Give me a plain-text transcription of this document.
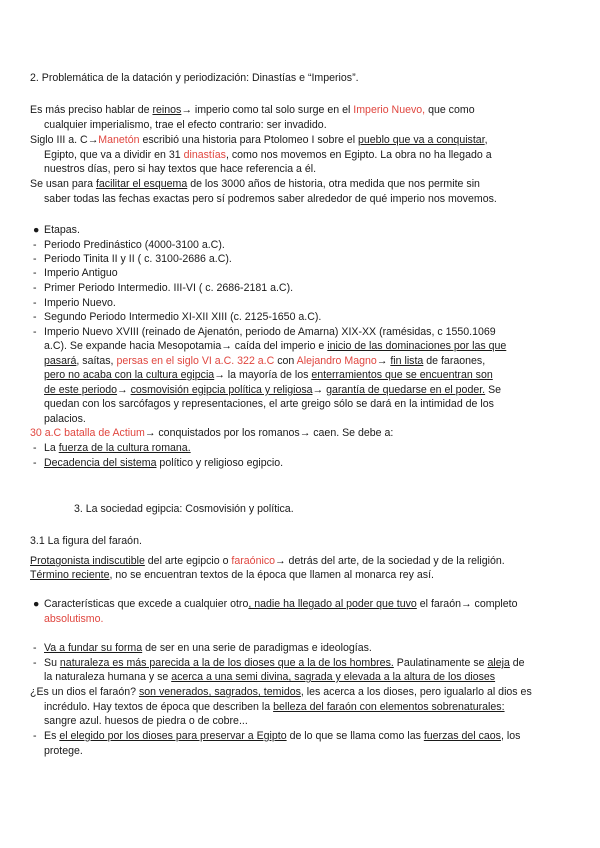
2. Problemática de la datación y periodización: Dinastías e “Imperios”.
Es más preciso hablar de reinos→ imperio como tal solo surge en el Imperio Nuevo, que como
cualquier imperialismo, trae el efecto contrario: ser invadido.
Siglo III a. C→Manetón escribió una historia para Ptolomeo I sobre el pueblo que va a conquistar,
Egipto, que va a dividir en 31 dinastías, como nos movemos en Egipto. La obra no ha llegado a
nuestros días, pero si hay textos que hace referencia a él.
Se usan para facilitar el esquema de los 3000 años de historia, otra medida que nos permite sin
saber todas las fechas exactas pero sí podremos saber alrededor de qué imperio nos movemos.
● Etapas.
- Periodo Predinástico (4000-3100 a.C).
- Periodo Tinita II y II ( c. 3100-2686 a.C).
- Imperio Antiguo
- Primer Periodo Intermedio. III-VI ( c. 2686-2181 a.C).
- Imperio Nuevo.
- Segundo Periodo Intermedio XI-XII XIII (c. 2125-1650 a.C).
- Imperio Nuevo XVIII (reinado de Ajenatón, periodo de Amarna) XIX-XX (ramésidas, c 1550.1069
a.C). Se expande hacia Mesopotamia→ caída del imperio e inicio de las dominaciones por las que
pasará, saítas, persas en el siglo VI a.C. 322 a.C con Alejandro Magno→ fin lista de faraones,
pero no acaba con la cultura egipcia→ la mayoría de los enterramientos que se encuentran son
de este periodo→ cosmovisión egipcia política y religiosa→ garantía de quedarse en el poder. Se
quedan con los sarcófagos y representaciones, el arte greigo sólo se dará en la intimidad de los
palacios.
30 a.C batalla de Actium→ conquistados por los romanos→ caen. Se debe a:
- La fuerza de la cultura romana.
- Decadencia del sistema político y religioso egipcio.
3. La sociedad egipcia: Cosmovisión y política.
3.1 La figura del faraón.
Protagonista indiscutible del arte egipcio o faraónico→ detrás del arte, de la sociedad y de la religión.
Término reciente, no se encuentran textos de la época que llamen al monarca rey así.
● Características que excede a cualquier otro, nadie ha llegado al poder que tuvo el faraón→ completo
absolutismo.
- Va a fundar su forma de ser en una serie de paradigmas e ideologías.
- Su naturaleza es más parecida a la de los dioses que a la de los hombres. Paulatinamente se aleja de
la naturaleza humana y se acerca a una semi divina, sagrada y elevada a la altura de los dioses
¿Es un dios el faraón? son venerados, sagrados, temidos, les acerca a los dioses, pero igualarlo al dios es
incrédulo. Hay textos de época que describen la belleza del faraón con elementos sobrenaturales:
sangre azul. huesos de piedra o de cobre...
- Es el elegido por los dioses para preservar a Egipto de lo que se llama como las fuerzas del caos, los
protege.
